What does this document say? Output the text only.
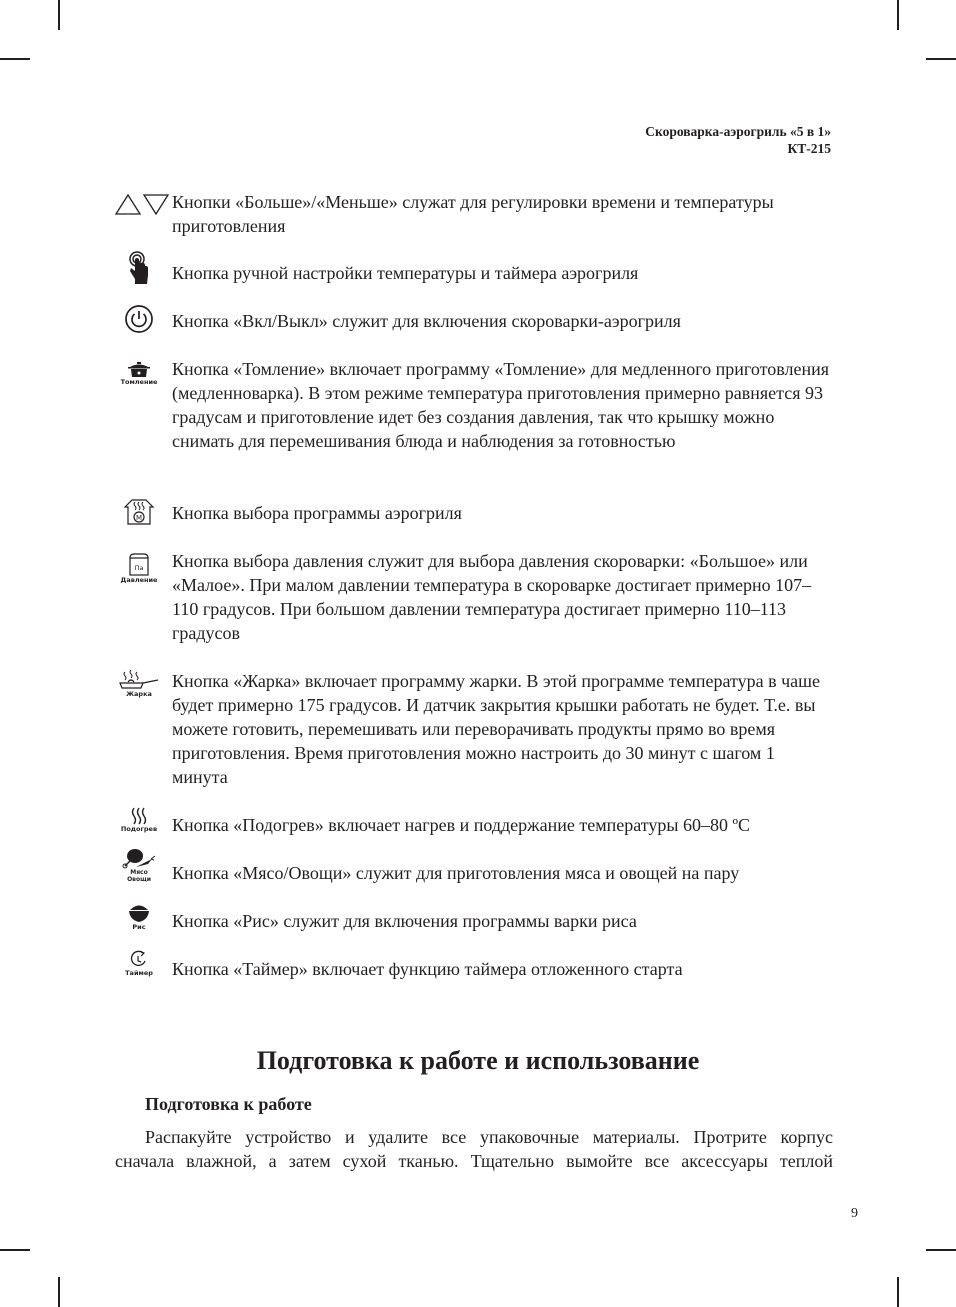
Скороварка-аэрогриль «5 в 1»
КТ-215
Кнопки «Больше»/«Меньше» служат для регулировки времени и температуры приготовления
Кнопка ручной настройки температуры и таймера аэрогриля
Кнопка «Вкл/Выкл» служит для включения скороварки-аэрогриля
Томление
Кнопка «Томление» включает программу «Томление» для медленного приготовления (медленноварка). В этом режиме температура приготовления примерно равняется 93 градусам и приготовление идет без создания давления, так что крышку можно снимать для перемешивания блюда и наблюдения за готовностью
M Кнопка выбора программы аэрогриля
Па
Давление
Кнопка выбора давления служит для выбора давления скороварки: «Большое» или «Малое». При малом давлении температура в скороварке достигает примерно 107–110 градусов. При большом давлении температура достигает примерно 110–113 градусов
Жарка
Кнопка «Жарка» включает программу жарки. В этой программе температура в чаше будет примерно 175 градусов. И датчик закрытия крышки работать не будет. Т.е. вы можете готовить, перемешивать или переворачивать продукты прямо во время приготовления. Время приготовления можно настроить до 30 минут с шагом 1 минута
Подогрев Кнопка «Подогрев» включает нагрев и поддержание температуры 60–80 ºС
Мясо
Овощи Кнопка «Мясо/Овощи» служит для приготовления мяса и овощей на пару
Рис Кнопка «Рис» служит для включения программы варки риса
Таймер Кнопка «Таймер» включает функцию таймера отложенного старта
Подготовка к работе и использование
Подготовка к работе
Распакуйте устройство и удалите все упаковочные материалы. Протрите корпус
сначала влажной, а затем сухой тканью. Тщательно вымойте все аксессуары теплой
9
